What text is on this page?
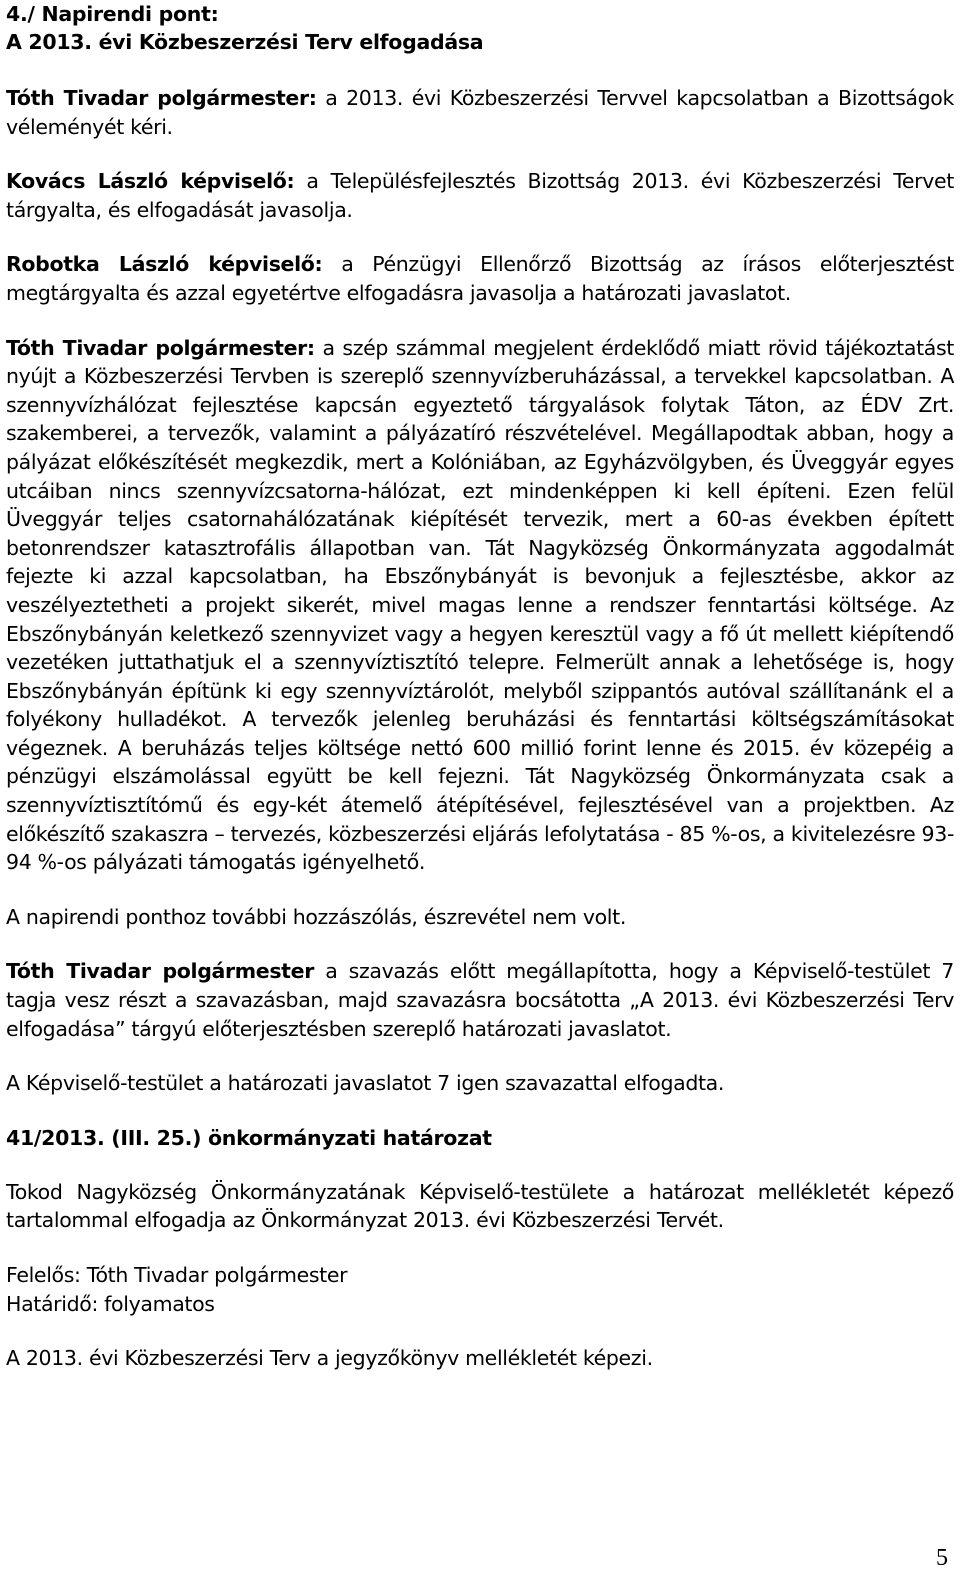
4./ Napirendi pont:

A 2013. évi Közbeszerzési Terv elfogadása

Tóth Tivadar polgármester: a 2013. évi Közbeszerzési Tervvel kapcsolatban a Bizottságok véleményét kéri.

Kovács László képviselő: a Településfejlesztés Bizottság 2013. évi Közbeszerzési Tervet tárgyalta, és elfogadását javasolja.

Robotka László képviselő: a Pénzügyi Ellenőrző Bizottság az írásos előterjesztést megtárgyalta és azzal egyetértve elfogadásra javasolja a határozati javaslatot.

Tóth Tivadar polgármester: a szép számmal megjelent érdeklődő miatt rövid tájékoztatást nyújt a Közbeszerzési Tervben is szereplő szennyvízberuházással, a tervekkel kapcsolatban. A szennyvízhálózat fejlesztése kapcsán egyeztető tárgyalások folytak Táton, az ÉDV Zrt. szakemberei, a tervezők, valamint a pályázatíró részvételével. Megállapodtak abban, hogy a pályázat előkészítését megkezdik, mert a Kolóniában, az Egyházvölgyben, és Üveggyár egyes utcáiban nincs szennyvízcsatorna-hálózat, ezt mindenképpen ki kell építeni. Ezen felül Üveggyár teljes csatornahálózatának kiépítését tervezik, mert a 60-as években épített betonrendszer katasztrofális állapotban van. Tát Nagyközség Önkormányzata aggodalmát fejezte ki azzal kapcsolatban, ha Ebszőnybányát is bevonjuk a fejlesztésbe, akkor az veszélyeztetheti a projekt sikerét, mivel magas lenne a rendszer fenntartási költsége. Az Ebszőnybányán keletkező szennyvizet vagy a hegyen keresztül vagy a fő út mellett kiépítendő vezetéken juttathatjuk el a szennyvíztisztító telepre. Felmerült annak a lehetősége is, hogy Ebszőnybányán építünk ki egy szennyvíztárolót, melyből szippantós autóval szállítanánk el a folyékony hulladékot. A tervezők jelenleg beruházási és fenntartási költségszámításokat végeznek. A beruházás teljes költsége nettó 600 millió forint lenne és 2015. év közepéig a pénzügyi elszámolással együtt be kell fejezni. Tát Nagyközség Önkormányzata csak a szennyvíztisztítómű és egy-két átemelő átépítésével, fejlesztésével van a projektben. Az előkészítő szakaszra – tervezés, közbeszerzési eljárás lefolytatása - 85 %-os, a kivitelezésre 93-94 %-os pályázati támogatás igényelhető.

A napirendi ponthoz további hozzászólás, észrevétel nem volt.

Tóth Tivadar polgármester a szavazás előtt megállapította, hogy a Képviselő-testület 7 tagja vesz részt a szavazásban, majd szavazásra bocsátotta „A 2013. évi Közbeszerzési Terv elfogadása” tárgyú előterjesztésben szereplő határozati javaslatot.

A Képviselő-testület a határozati javaslatot 7 igen szavazattal elfogadta.

41/2013. (III. 25.) önkormányzati határozat

Tokod Nagyközség Önkormányzatának Képviselő-testülete a határozat mellékletét képező tartalommal elfogadja az Önkormányzat 2013. évi Közbeszerzési Tervét.

Felelős: Tóth Tivadar polgármester

Határidő: folyamatos

A 2013. évi Közbeszerzési Terv a jegyzőkönyv mellékletét képezi.

5
